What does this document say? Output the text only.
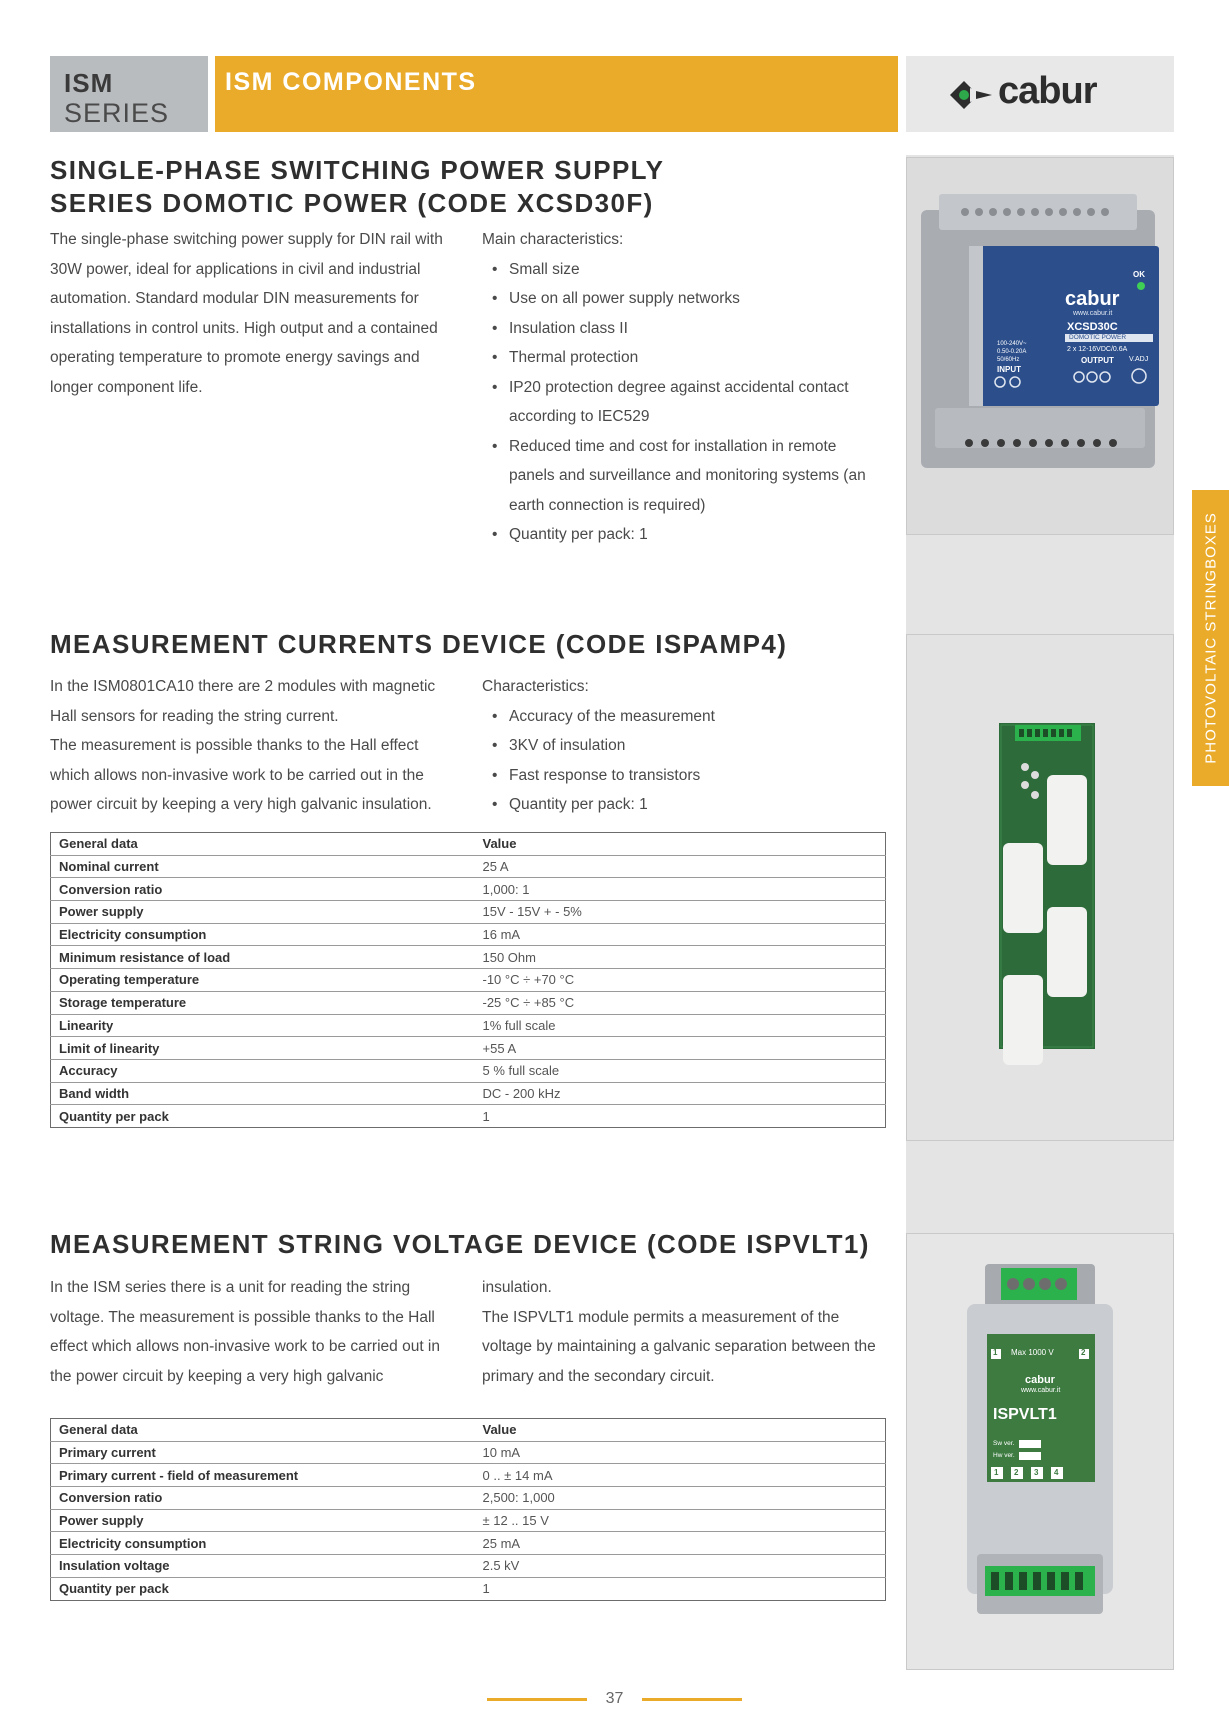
ISM
SERIES
ISM COMPONENTS	cabur
PHOTOVOLTAIC STRINGBOXES
SINGLE-PHASE SWITCHING POWER SUPPLY
SERIES DOMOTIC POWER (CODE XCSD30F)

The single-phase switching power supply for DIN rail with 30W power, ideal for applications in civil and industrial automation. Standard modular DIN measurements for installations in control units. High output and a contained operating temperature to promote energy savings and longer component life.

Main characteristics:
• Small size
• Use on all power supply networks
• Insulation class II
• Thermal protection
• IP20 protection degree against accidental contact according to IEC529
• Reduced time and cost for installation in remote panels and surveillance and monitoring systems (an earth connection is required)
• Quantity per pack: 1
cabur
www.cabur.it
XCSD30C
DOMOTIC POWER
2 x 12-16VDC/0.6A
OUTPUT
100-240V~
0.50-0.20A
50/60Hz
INPUT
OK
V.ADJ
MEASUREMENT CURRENTS DEVICE (CODE ISPAMP4)

In the ISM0801CA10 there are 2 modules with magnetic Hall sensors for reading the string current.

The measurement is possible thanks to the Hall effect which allows non-invasive work to be carried out in the power circuit by keeping a very high galvanic insulation.

Characteristics:
• Accuracy of the measurement
• 3KV of insulation
• Fast response to transistors
• Quantity per pack: 1
General data	Value
Nominal current	25 A
Conversion ratio	1,000: 1
Power supply	15V - 15V + - 5%
Electricity consumption	16 mA
Minimum resistance of load	150 Ohm
Operating temperature	-10 °C ÷ +70 °C
Storage temperature	-25 °C ÷ +85 °C
Linearity	1% full scale
Limit of linearity	+55 A
Accuracy	5 % full scale
Band width	DC - 200 kHz
Quantity per pack	1
MEASUREMENT STRING VOLTAGE DEVICE (CODE ISPVLT1)

In the ISM series there is a unit for reading the string voltage. The measurement is possible thanks to the Hall effect which allows non-invasive work to be carried out in the power circuit by keeping a very high galvanic

insulation.

The ISPVLT1 module permits a measurement of the voltage by maintaining a galvanic separation between the primary and the secondary circuit.

General data	Value
Primary current	10 mA
Primary current - field of measurement	0 .. ± 14 mA
Conversion ratio	2,500: 1,000
Power supply	± 12 .. 15 V
Electricity consumption	25 mA
Insulation voltage	2.5 kV
Quantity per pack	1
1	2
Max 1000 V
cabur
www.cabur.it
ISPVLT1
Sw ver.
Hw ver.
1 2 3 4
37
